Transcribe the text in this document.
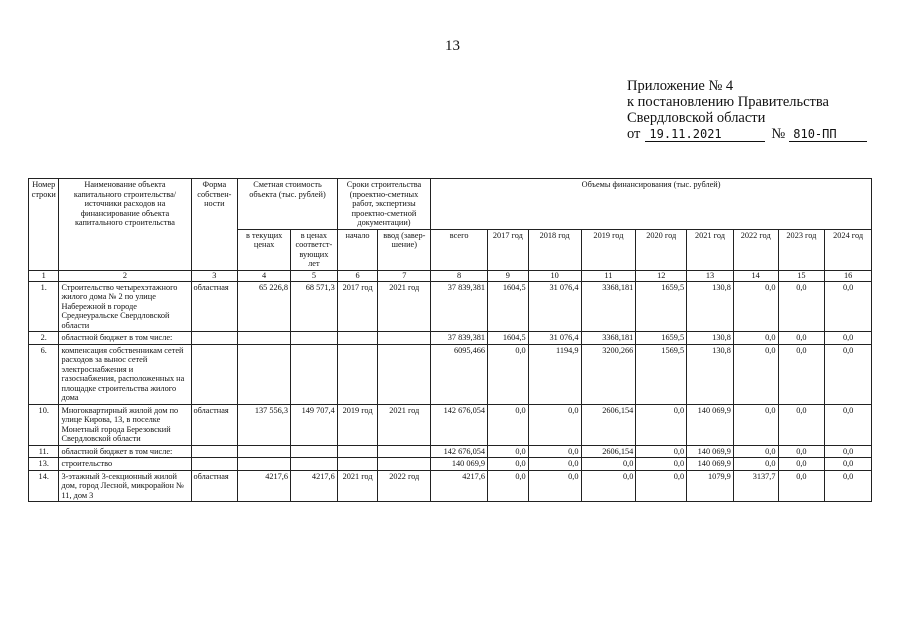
13
Приложение № 4
к постановлению Правительства
Свердловской области
от 19.11.2021	№ 810-ПП
Номер строки	Наименование объекта капитального строительства/ источники расходов на финансирование объекта капитального строительства	Форма собствен-ности	Сметная стоимость объекта (тыс. рублей)		Сроки строительства (проектно-сметных работ, экспертизы проектно-сметной документации)		Объемы финансирования (тыс. рублей)								
			в текущих ценах	в ценах соответст-вующих лет	начало	ввод (завер-шение)	всего	2017 год	2018 год	2019 год	2020 год	2021 год	2022 год	2023 год	2024 год
1	2	3	4	5	6	7	8	9	10	11	12	13	14	15	16
1.	Строительство четырехэтажного жилого дома № 2 по улице Набережной в городе Среднеуральске Свердловской области	областная	65 226,8	68 571,3	2017 год	2021 год	37 839,381	1604,5	31 076,4	3368,181	1659,5	130,8	0,0	0,0	0,0
2.	областной бюджет в том числе:						37 839,381	1604,5	31 076,4	3368,181	1659,5	130,8	0,0	0,0	0,0
6.	компенсация собственникам сетей расходов за вынос сетей электроснабжения и газоснабжения, расположенных на площадке строительства жилого дома						6095,466	0,0	1194,9	3200,266	1569,5	130,8	0,0	0,0	0,0
10.	Многоквартирный жилой дом по улице Кирова, 13, в поселке Монетный города Березовский Свердловской области	областная	137 556,3	149 707,4	2019 год	2021 год	142 676,054	0,0	0,0	2606,154	0,0	140 069,9	0,0	0,0	0,0
11.	областной бюджет в том числе:						142 676,054	0,0	0,0	2606,154	0,0	140 069,9	0,0	0,0	0,0
13.	строительство						140 069,9	0,0	0,0	0,0	0,0	140 069,9	0,0	0,0	0,0
14.	3-этажный 3-секционный жилой дом, город Лесной, микрорайон № 11, дом 3	областная	4217,6	4217,6	2021 год	2022 год	4217,6	0,0	0,0	0,0	0,0	1079,9	3137,7	0,0	0,0
